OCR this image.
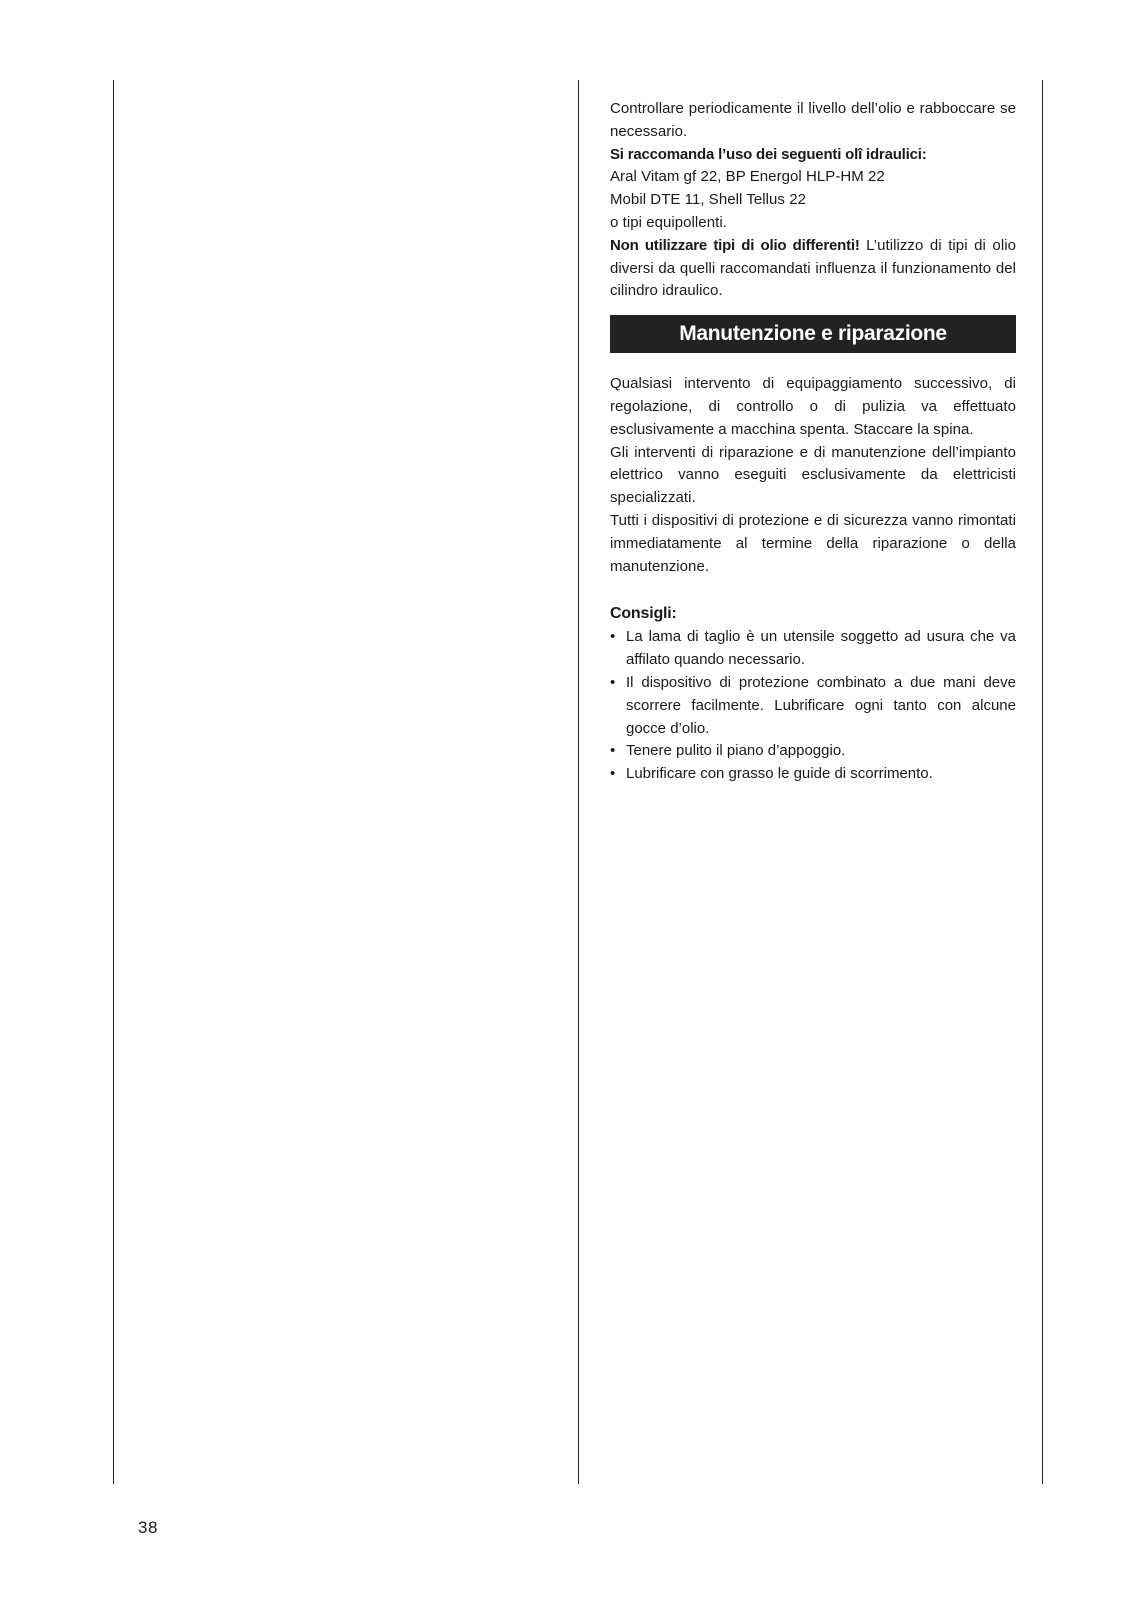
Controllare periodicamente il livello dell’olio e rabboccare se necessario.

Si raccomanda l’uso dei seguenti olî idraulici:

Aral Vitam gf 22, BP Energol HLP-HM 22

Mobil DTE 11, Shell Tellus 22

o tipi equipollenti.

Non utilizzare tipi di olio differenti! L’utilizzo di tipi di olio diversi da quelli raccomandati influenza il funzionamento del cilindro idraulico.

Manutenzione e riparazione

Qualsiasi intervento di equipaggiamento successivo, di regolazione, di controllo o di pulizia va effettuato esclusivamente a macchina spenta. Staccare la spina.

Gli interventi di riparazione e di manutenzione dell’impianto elettrico vanno eseguiti esclusivamente da elettricisti specializzati.

Tutti i dispositivi di protezione e di sicurezza vanno rimontati immediatamente al termine della riparazione o della manutenzione.

Consigli:
• La lama di taglio è un utensile soggetto ad usura che va affilato quando necessario.
• Il dispositivo di protezione combinato a due mani deve scorrere facilmente. Lubrificare ogni tanto con alcune gocce d’olio.
• Tenere pulito il piano d’appoggio.
• Lubrificare con grasso le guide di scorrimento.
38
